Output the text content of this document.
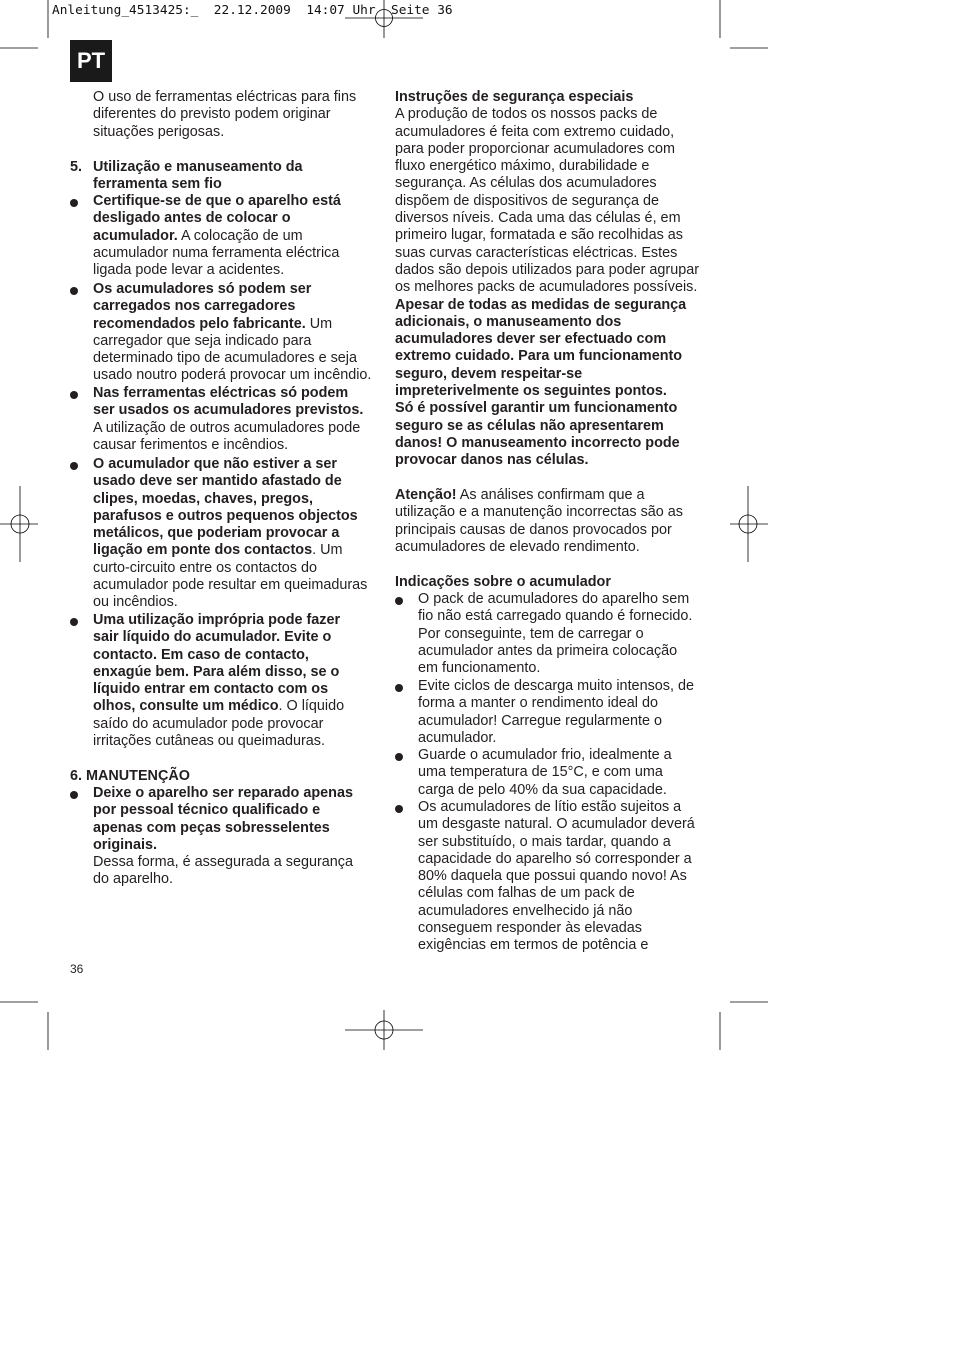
Anleitung_4513425:_  22.12.2009  14:07 Uhr  Seite 36
PT
O uso de ferramentas eléctricas para fins
diferentes do previsto podem originar
situações perigosas.
5. Utilização e manuseamento da
ferramenta sem fio
Certifique-se de que o aparelho está
desligado antes de colocar o
acumulador. A colocação de um
acumulador numa ferramenta eléctrica
ligada pode levar a acidentes.
Os acumuladores só podem ser
carregados nos carregadores
recomendados pelo fabricante. Um
carregador que seja indicado para
determinado tipo de acumuladores e seja
usado noutro poderá provocar um incêndio.
Nas ferramentas eléctricas só podem
ser usados os acumuladores previstos.
A utilização de outros acumuladores pode
causar ferimentos e incêndios.
O acumulador que não estiver a ser
usado deve ser mantido afastado de
clipes, moedas, chaves, pregos,
parafusos e outros pequenos objectos
metálicos, que poderiam provocar a
ligação em ponte dos contactos. Um
curto-circuito entre os contactos do
acumulador pode resultar em queimaduras
ou incêndios.
Uma utilização imprópria pode fazer
sair líquido do acumulador. Evite o
contacto. Em caso de contacto,
enxagúe bem. Para além disso, se o
líquido entrar em contacto com os
olhos, consulte um médico. O líquido
saído do acumulador pode provocar
irritações cutâneas ou queimaduras.
6. MANUTENÇÃO
Deixe o aparelho ser reparado apenas
por pessoal técnico qualificado e
apenas com peças sobresselentes
originais.
Dessa forma, é assegurada a segurança
do aparelho.
36
Instruções de segurança especiais
A produção de todos os nossos packs de
acumuladores é feita com extremo cuidado,
para poder proporcionar acumuladores com
fluxo energético máximo, durabilidade e
segurança. As células dos acumuladores
dispõem de dispositivos de segurança de
diversos níveis. Cada uma das células é, em
primeiro lugar, formatada e são recolhidas as
suas curvas características eléctricas. Estes
dados são depois utilizados para poder agrupar
os melhores packs de acumuladores possíveis.
Apesar de todas as medidas de segurança
adicionais, o manuseamento dos
acumuladores dever ser efectuado com
extremo cuidado. Para um funcionamento
seguro, devem respeitar-se
impreterivelmente os seguintes pontos.
Só é possível garantir um funcionamento
seguro se as células não apresentarem
danos! O manuseamento incorrecto pode
provocar danos nas células.
Atenção! As análises confirmam que a
utilização e a manutenção incorrectas são as
principais causas de danos provocados por
acumuladores de elevado rendimento.
Indicações sobre o acumulador
O pack de acumuladores do aparelho sem
fio não está carregado quando é fornecido.
Por conseguinte, tem de carregar o
acumulador antes da primeira colocação
em funcionamento.
Evite ciclos de descarga muito intensos, de
forma a manter o rendimento ideal do
acumulador! Carregue regularmente o
acumulador.
Guarde o acumulador frio, idealmente a
uma temperatura de 15°C, e com uma
carga de pelo 40% da sua capacidade.
Os acumuladores de lítio estão sujeitos a
um desgaste natural. O acumulador deverá
ser substituído, o mais tardar, quando a
capacidade do aparelho só corresponder a
80% daquela que possui quando novo! As
células com falhas de um pack de
acumuladores envelhecido já não
conseguem responder às elevadas
exigências em termos de potência e
